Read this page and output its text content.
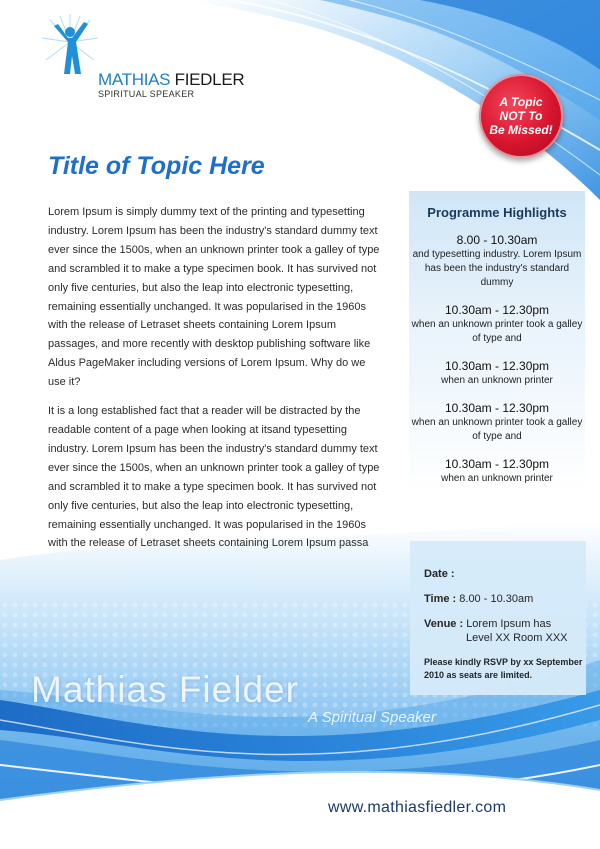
MATHIAS FIEDLER
SPIRITUAL SPEAKER
A Topic
NOT To
Be Missed!
Title of Topic Here

Lorem Ipsum is simply dummy text of the printing and typesetting industry. Lorem Ipsum has been the industry's standard dummy text ever since the 1500s, when an unknown printer took a galley of type and scrambled it to make a type specimen book. It has survived not only five centuries, but also the leap into electronic typesetting, remaining essentially unchanged. It was popularised in the 1960s with the release of Letraset sheets containing Lorem Ipsum passages, and more recently with desktop publishing software like Aldus PageMaker including versions of Lorem Ipsum. Why do we use it?

It is a long established fact that a reader will be distracted by the readable content of a page when looking at itsand typesetting industry. Lorem Ipsum has been the industry's standard dummy text ever since the 1500s, when an unknown printer took a galley of type and scrambled it to make a type specimen book. It has survived not only five centuries, but also the leap into electronic typesetting, remaining essentially unchanged. It was popularised in the 1960s with the release of Letraset sheets containing Lorem Ipsum passa

Programme Highlights
8.00 - 10.30am
and typesetting industry. Lorem Ipsum has been the industry's standard dummy
10.30am - 12.30pm
when an unknown printer took a galley of type and
10.30am - 12.30pm
when an unknown printer
10.30am - 12.30pm
when an unknown printer took a galley of type and
10.30am - 12.30pm
when an unknown printer
Date :
Time : 8.00 - 10.30am
Venue : Lorem Ipsum has
Level XX Room XXX
Please kindly RSVP by xx September 2010 as seats are limited.
Mathias Fielder
A Spiritual Speaker
www.mathiasfiedler.com
